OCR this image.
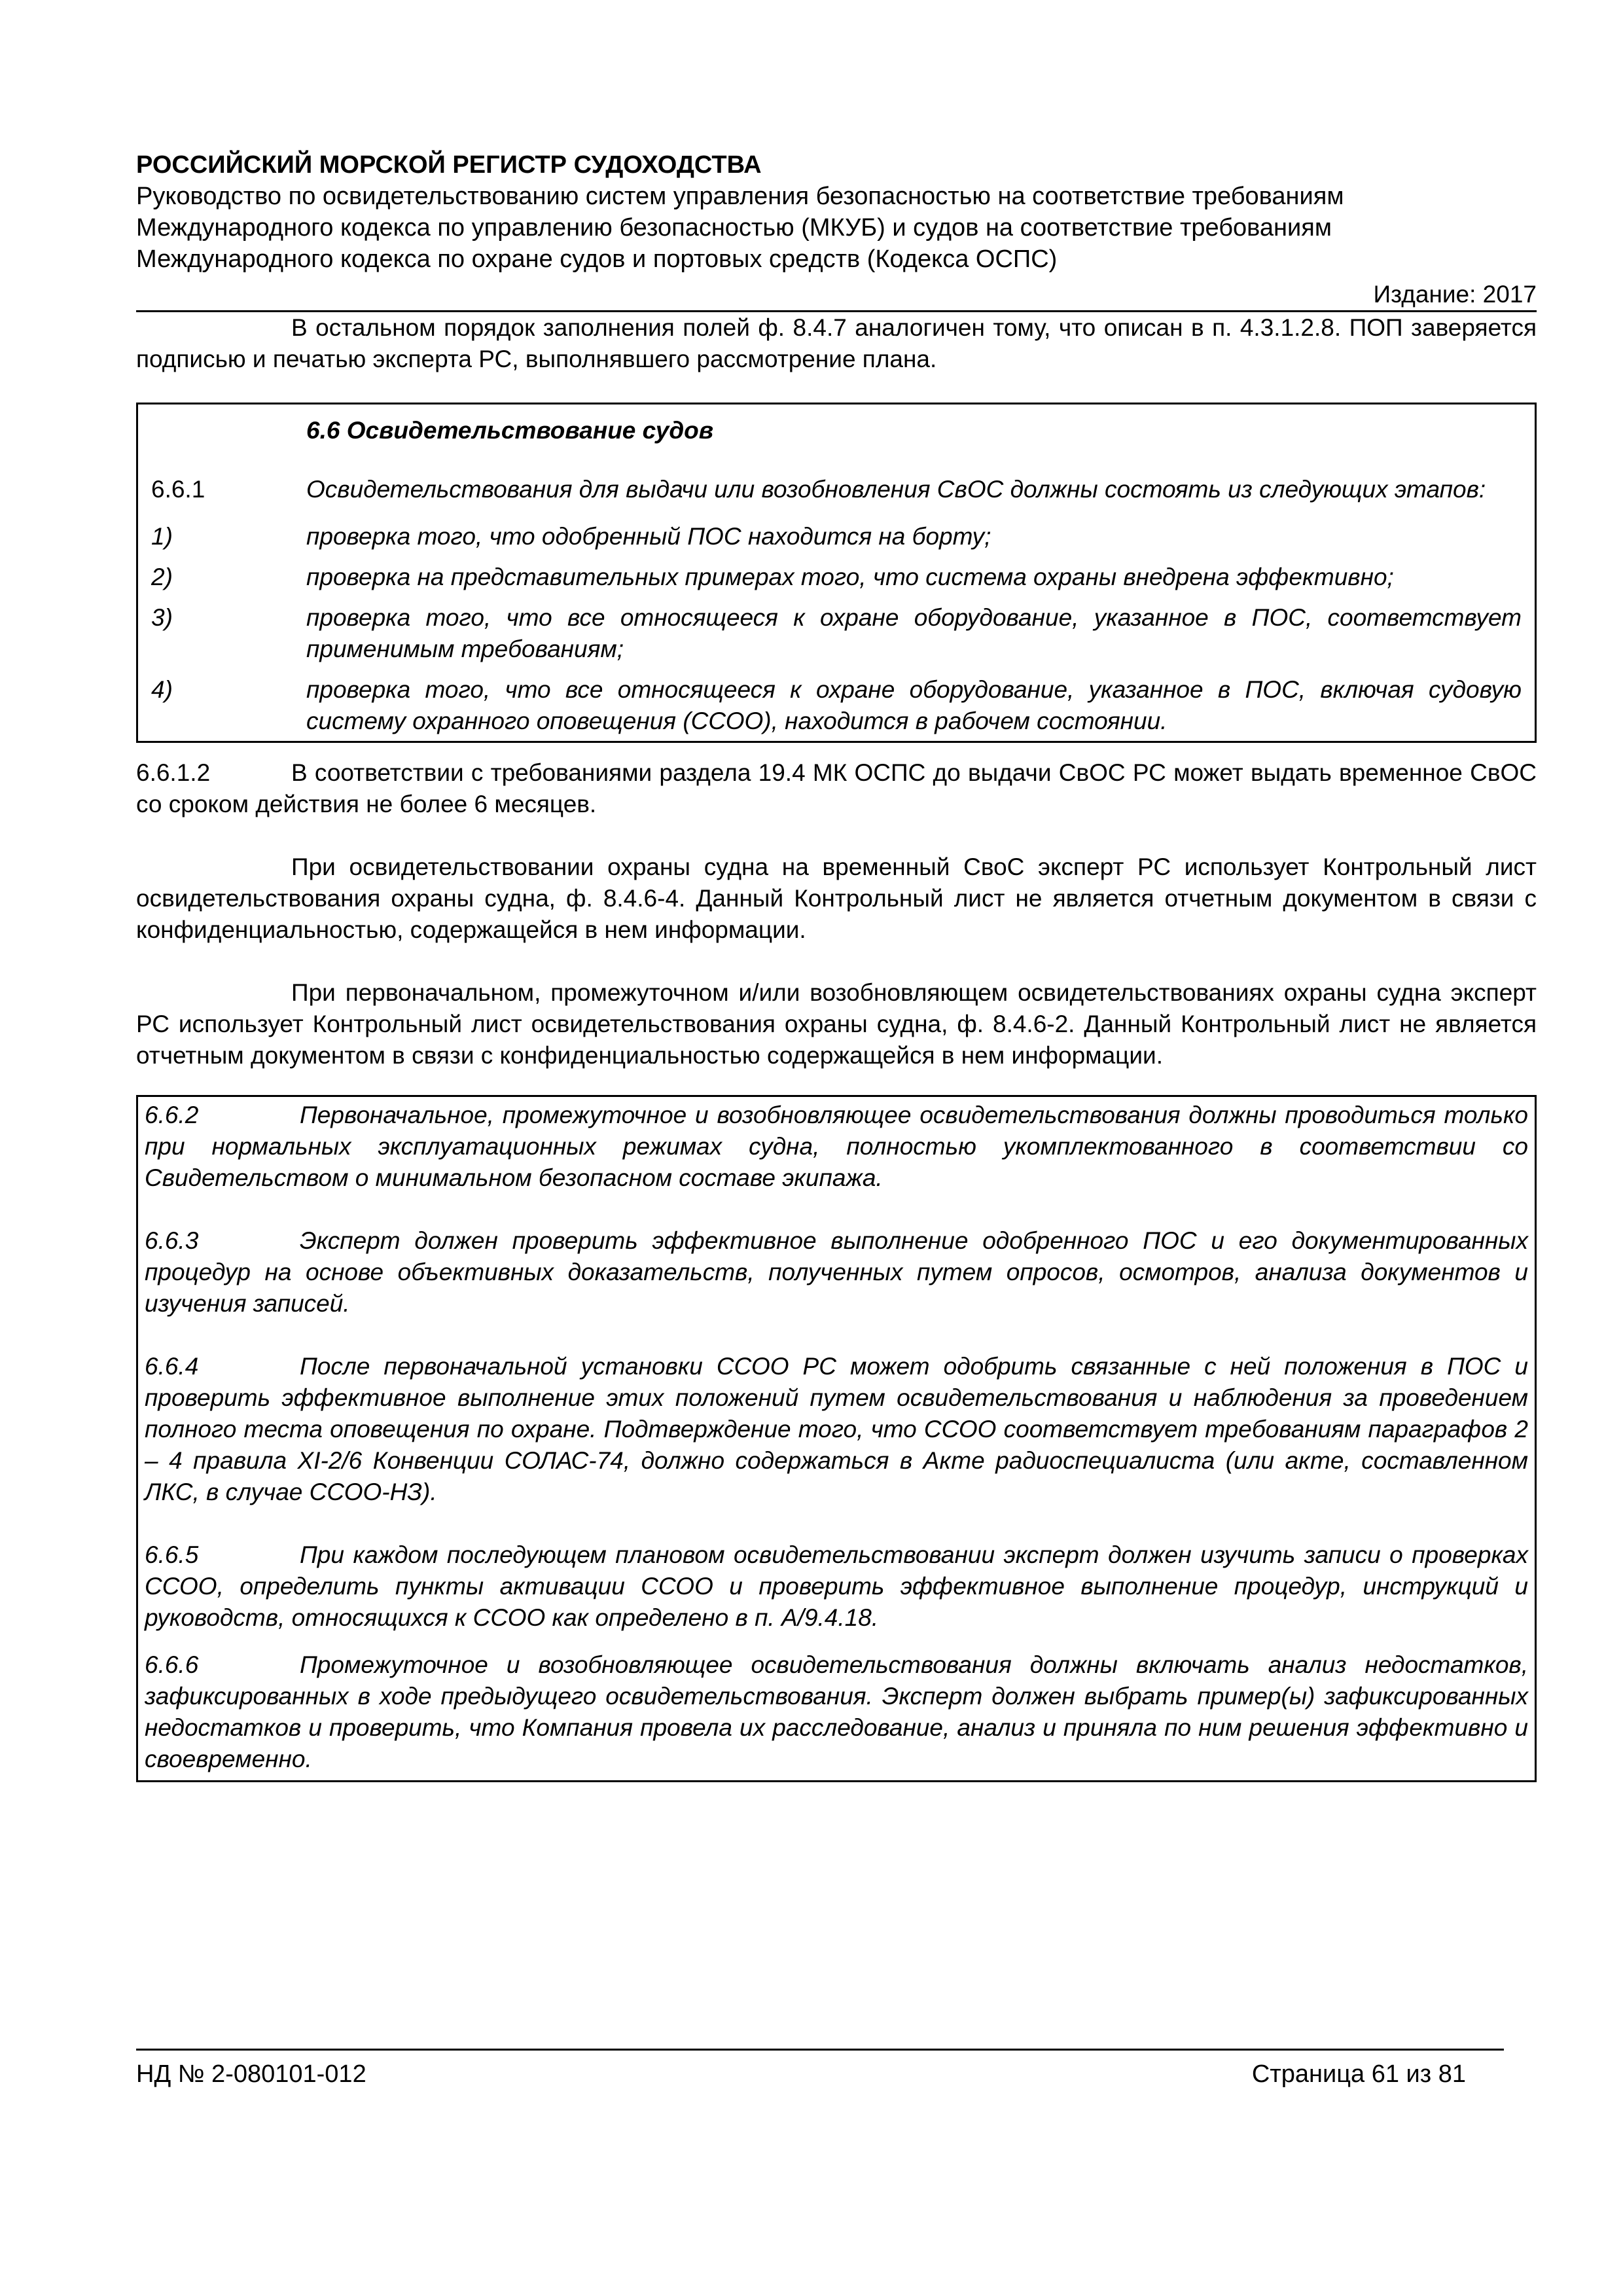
РОССИЙСКИЙ МОРСКОЙ РЕГИСТР СУДОХОДСТВА
Руководство по освидетельствованию систем управления безопасностью на соответствие требованиям
Международного кодекса по управлению безопасностью (МКУБ) и судов на соответствие требованиям
Международного кодекса по охране судов и портовых средств (Кодекса ОСПС)
Издание: 2017

В остальном порядок заполнения полей ф. 8.4.7 аналогичен тому, что описан в п. 4.3.1.2.8. ПОП заверяется подписью и печатью эксперта РС, выполнявшего рассмотрение плана.

6.6 Освидетельствование судов

6.6.1	Освидетельствования для выдачи или возобновления СвОС должны состоять из следующих этапов:

1)	проверка того, что одобренный ПОС находится на борту;
2)	проверка на представительных примерах того, что система охраны внедрена эффективно;
3)	проверка того, что все относящееся к охране оборудование, указанное в ПОС, соответствует применимым требованиям;
4)	проверка того, что все относящееся к охране оборудование, указанное в ПОС, включая судовую систему охранного оповещения (ССОО), находится в рабочем состоянии.

6.6.1.2	В соответствии с требованиями раздела 19.4 МК ОСПС до выдачи СвОС РС может выдать временное СвОС со сроком действия не более 6 месяцев.

При освидетельствовании охраны судна на временный СвоС эксперт РС использует Контрольный лист освидетельствования охраны судна, ф. 8.4.6-4. Данный Контрольный лист не является отчетным документом в связи с конфиденциальностью, содержащейся в нем информации.

При первоначальном, промежуточном и/или возобновляющем освидетельствованиях охраны судна эксперт РС использует Контрольный лист освидетельствования охраны судна, ф. 8.4.6-2. Данный Контрольный лист не является отчетным документом в связи с конфиденциальностью содержащейся в нем информации.

6.6.2	Первоначальное, промежуточное и возобновляющее освидетельствования должны проводиться только при нормальных эксплуатационных режимах судна, полностью укомплектованного в соответствии со Свидетельством о минимальном безопасном составе экипажа.

6.6.3	Эксперт должен проверить эффективное выполнение одобренного ПОС и его документированных процедур на основе объективных доказательств, полученных путем опросов, осмотров, анализа документов и изучения записей.

6.6.4	После первоначальной установки ССОО РС может одобрить связанные с ней положения в ПОС и проверить эффективное выполнение этих положений путем освидетельствования и наблюдения за проведением полного теста оповещения по охране. Подтверждение того, что ССОО соответствует требованиям параграфов 2 – 4 правила XI-2/6 Конвенции СОЛАС-74, должно содержаться в Акте радиоспециалиста (или акте, составленном ЛКС, в случае ССОО-НЗ).

6.6.5	При каждом последующем плановом освидетельствовании эксперт должен изучить записи о проверках ССОО, определить пункты активации ССОО и проверить эффективное выполнение процедур, инструкций и руководств, относящихся к ССОО как определено в п. А/9.4.18.

6.6.6	Промежуточное и возобновляющее освидетельствования должны включать анализ недостатков, зафиксированных в ходе предыдущего освидетельствования. Эксперт должен выбрать пример(ы) зафиксированных недостатков и проверить, что Компания провела их расследование, анализ и приняла по ним решения эффективно и своевременно.

НД № 2-080101-012	Страница 61 из 81
